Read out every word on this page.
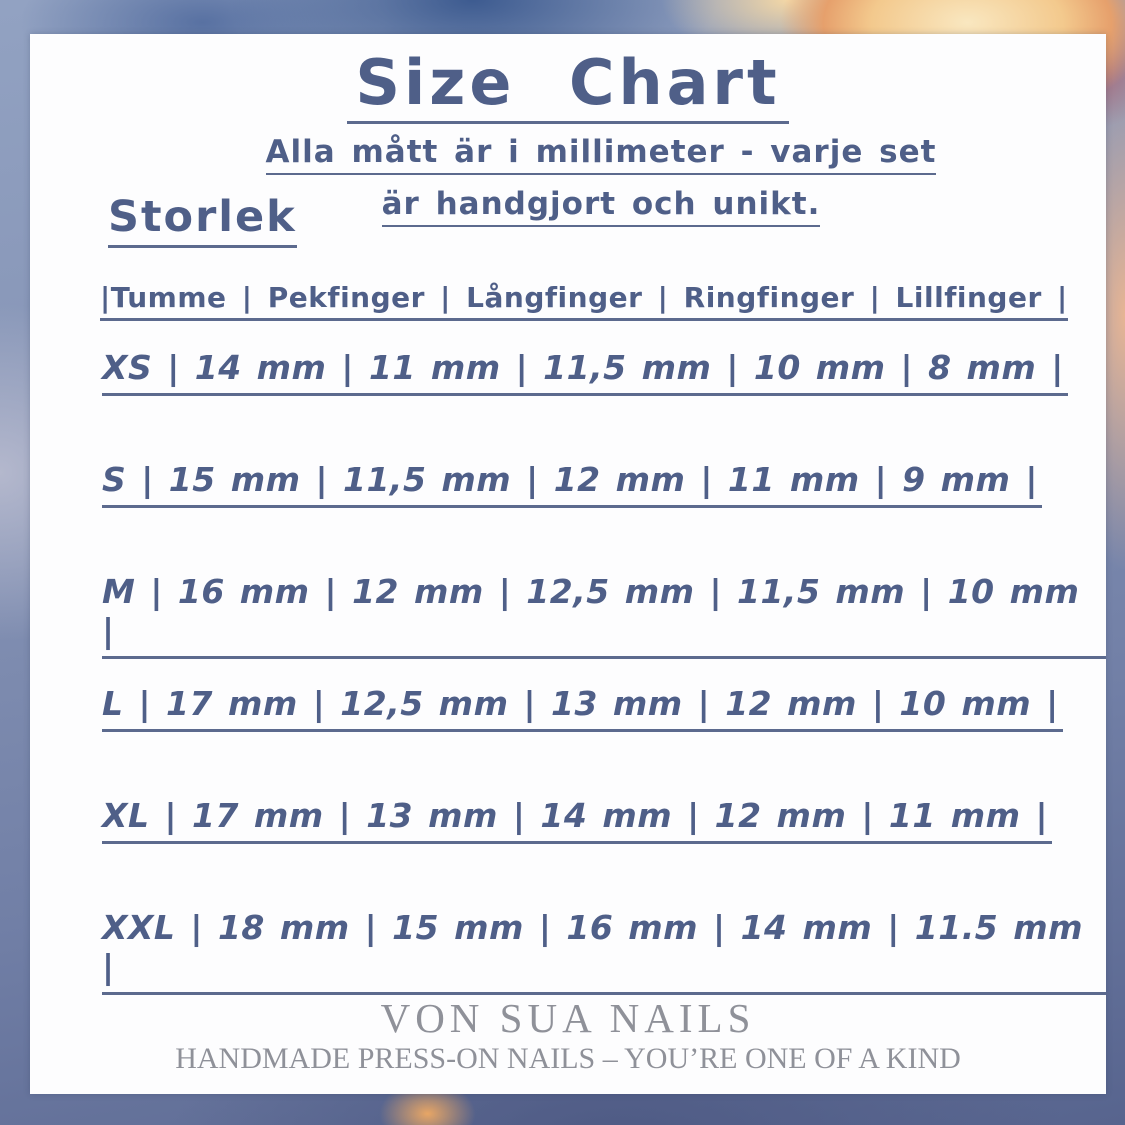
Size Chart
Alla mått är i millimeter - varje set
är handgjort och unikt.
Storlek
|Tumme | Pekfinger | Långfinger | Ringfinger | Lillfinger |
XS | 14 mm | 11 mm | 11,5 mm | 10 mm | 8 mm |
S | 15 mm | 11,5 mm | 12 mm | 11 mm | 9 mm |
M | 16 mm | 12 mm | 12,5 mm | 11,5 mm | 10 mm |
L | 17 mm | 12,5 mm | 13 mm | 12 mm | 10 mm |
XL | 17 mm | 13 mm | 14 mm | 12 mm | 11 mm |
XXL | 18 mm | 15 mm | 16 mm | 14 mm | 11.5 mm |
VON SUA NAILS
HANDMADE PRESS-ON NAILS – YOU’RE ONE OF A KIND
